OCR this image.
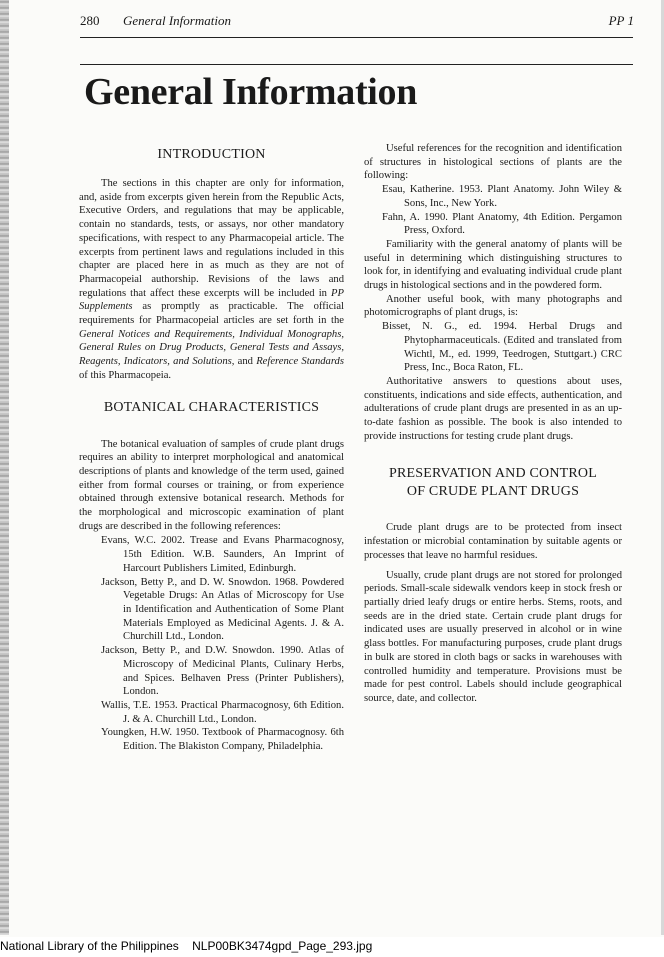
280 General Information	PP 1
General Information
INTRODUCTION

The sections in this chapter are only for information, and, aside from excerpts given herein from the Republic Acts, Executive Orders, and regulations that may be applicable, contain no standards, tests, or assays, nor other mandatory specifications, with respect to any Pharmacopeial article. The excerpts from pertinent laws and regulations included in this chapter are placed here in as much as they are not of Pharmacopeial authorship. Revisions of the laws and regulations that affect these excerpts will be included in PP Supplements as promptly as practicable. The official requirements for Pharmacopeial articles are set forth in the General Notices and Requirements, Individual Monographs, General Rules on Drug Products, General Tests and Assays, Reagents, Indicators, and Solutions, and Reference Standards of this Pharmacopeia.

BOTANICAL CHARACTERISTICS

The botanical evaluation of samples of crude plant drugs requires an ability to interpret morphological and anatomical descriptions of plants and knowledge of the term used, gained either from formal courses or training, or from experience obtained through extensive botanical research. Methods for the morphological and microscopic examination of plant drugs are described in the following references:

Evans, W.C. 2002. Trease and Evans Pharmacognosy, 15th Edition. W.B. Saunders, An Imprint of Harcourt Publishers Limited, Edinburgh.

Jackson, Betty P., and D. W. Snowdon. 1968. Powdered Vegetable Drugs: An Atlas of Microscopy for Use in Identification and Authentication of Some Plant Materials Employed as Medicinal Agents. J. & A. Churchill Ltd., London.

Jackson, Betty P., and D.W. Snowdon. 1990. Atlas of Microscopy of Medicinal Plants, Culinary Herbs, and Spices. Belhaven Press (Printer Publishers), London.

Wallis, T.E. 1953. Practical Pharmacognosy, 6th Edition. J. & A. Churchill Ltd., London.

Youngken, H.W. 1950. Textbook of Pharmacognosy. 6th Edition. The Blakiston Company, Philadelphia.

Useful references for the recognition and identification of structures in histological sections of plants are the following:

Esau, Katherine. 1953. Plant Anatomy. John Wiley & Sons, Inc., New York.

Fahn, A. 1990. Plant Anatomy, 4th Edition. Pergamon Press, Oxford.

Familiarity with the general anatomy of plants will be useful in determining which distinguishing structures to look for, in identifying and evaluating individual crude plant drugs in histological sections and in the powdered form.

Another useful book, with many photographs and photomicrographs of plant drugs, is:

Bisset, N. G., ed. 1994. Herbal Drugs and Phytopharmaceuticals. (Edited and translated from Wichtl, M., ed. 1999, Teedrogen, Stuttgart.) CRC Press, Inc., Boca Raton, FL.

Authoritative answers to questions about uses, constituents, indications and side effects, authentication, and adulterations of crude plant drugs are presented in as an up-to-date fashion as possible. The book is also intended to provide instructions for testing crude plant drugs.

PRESERVATION AND CONTROL
OF CRUDE PLANT DRUGS

Crude plant drugs are to be protected from insect infestation or microbial contamination by suitable agents or processes that leave no harmful residues.

Usually, crude plant drugs are not stored for prolonged periods. Small-scale sidewalk vendors keep in stock fresh or partially dried leafy drugs or entire herbs. Stems, roots, and seeds are in the dried state. Certain crude plant drugs for indicated uses are usually preserved in alcohol or in wine glass bottles. For manufacturing purposes, crude plant drugs in bulk are stored in cloth bags or sacks in warehouses with controlled humidity and temperature. Provisions must be made for pest control. Labels should include geographical source, date, and collector.

National Library of the Philippines NLP00BK3474gpd_Page_293.jpg
